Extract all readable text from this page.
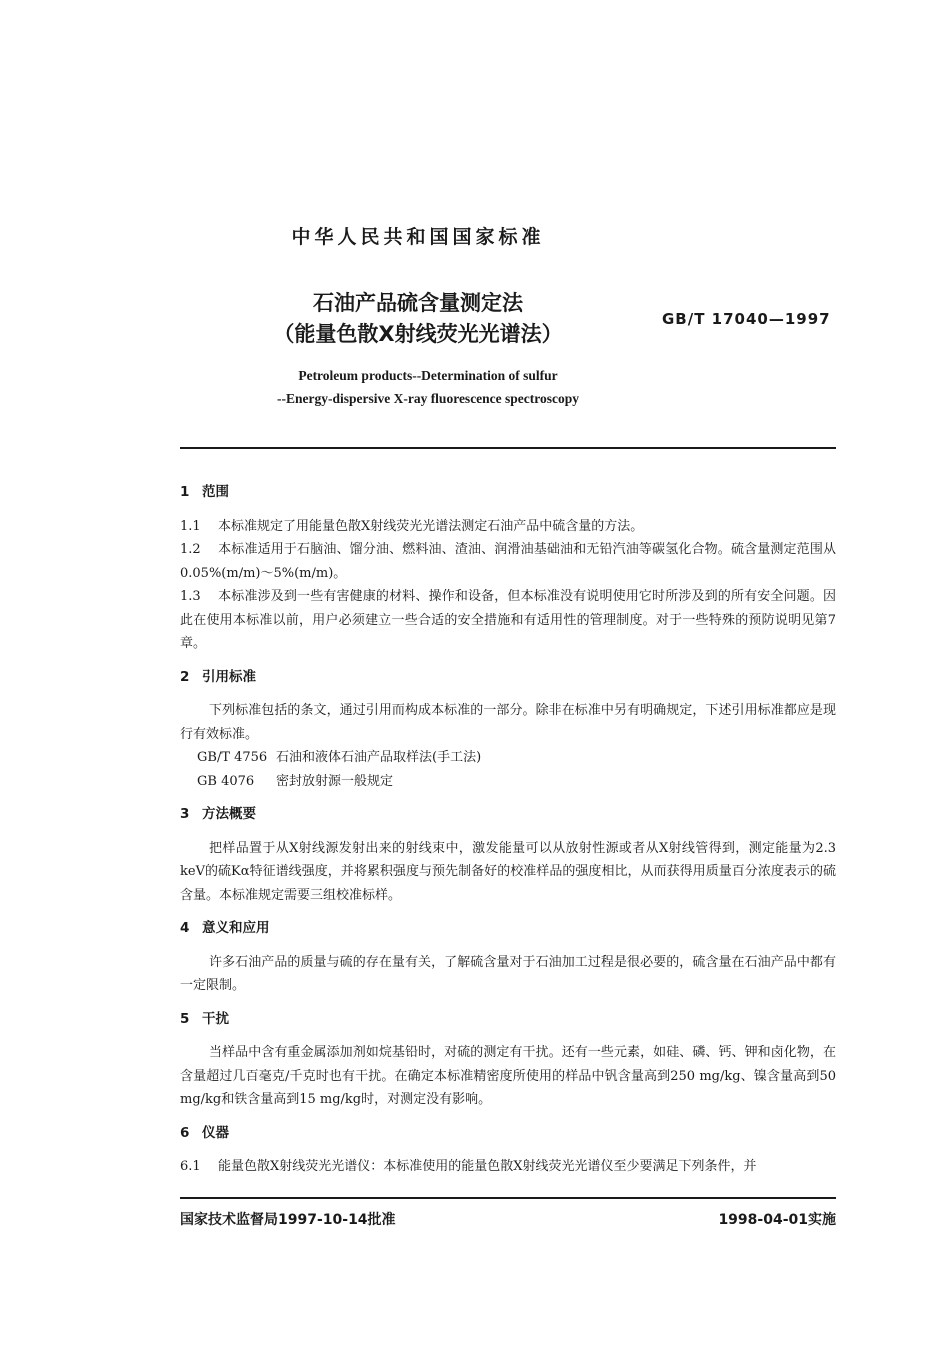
中华人民共和国国家标准
石油产品硫含量测定法
（能量色散X射线荧光光谱法）
GB/T 17040—1997
Petroleum products--Determination of sulfur
--Energy-dispersive X-ray fluorescence spectroscopy
1 范围
1.1 本标准规定了用能量色散X射线荧光光谱法测定石油产品中硫含量的方法。
1.2 本标准适用于石脑油、馏分油、燃料油、渣油、润滑油基础油和无铅汽油等碳氢化合物。硫含量测定范围从0.05%(m/m)～5%(m/m)。
1.3 本标准涉及到一些有害健康的材料、操作和设备，但本标准没有说明使用它时所涉及到的所有安全问题。因此在使用本标准以前，用户必须建立一些合适的安全措施和有适用性的管理制度。对于一些特殊的预防说明见第7章。
2 引用标准
下列标准包括的条文，通过引用而构成本标准的一部分。除非在标准中另有明确规定，下述引用标准都应是现行有效标准。
GB/T 4756 石油和液体石油产品取样法(手工法)
GB 4076 密封放射源一般规定
3 方法概要
把样品置于从X射线源发射出来的射线束中，激发能量可以从放射性源或者从X射线管得到，测定能量为2.3 keV的硫Kα特征谱线强度，并将累积强度与预先制备好的校准样品的强度相比，从而获得用质量百分浓度表示的硫含量。本标准规定需要三组校准标样。
4 意义和应用
许多石油产品的质量与硫的存在量有关，了解硫含量对于石油加工过程是很必要的，硫含量在石油产品中都有一定限制。
5 干扰
当样品中含有重金属添加剂如烷基铅时，对硫的测定有干扰。还有一些元素，如硅、磷、钙、钾和卤化物，在含量超过几百毫克/千克时也有干扰。在确定本标准精密度所使用的样品中钒含量高到250 mg/kg、镍含量高到50 mg/kg和铁含量高到15 mg/kg时，对测定没有影响。
6 仪器
6.1 能量色散X射线荧光光谱仪：本标准使用的能量色散X射线荧光光谱仪至少要满足下列条件，并
国家技术监督局1997-10-14批准	1998-04-01实施
